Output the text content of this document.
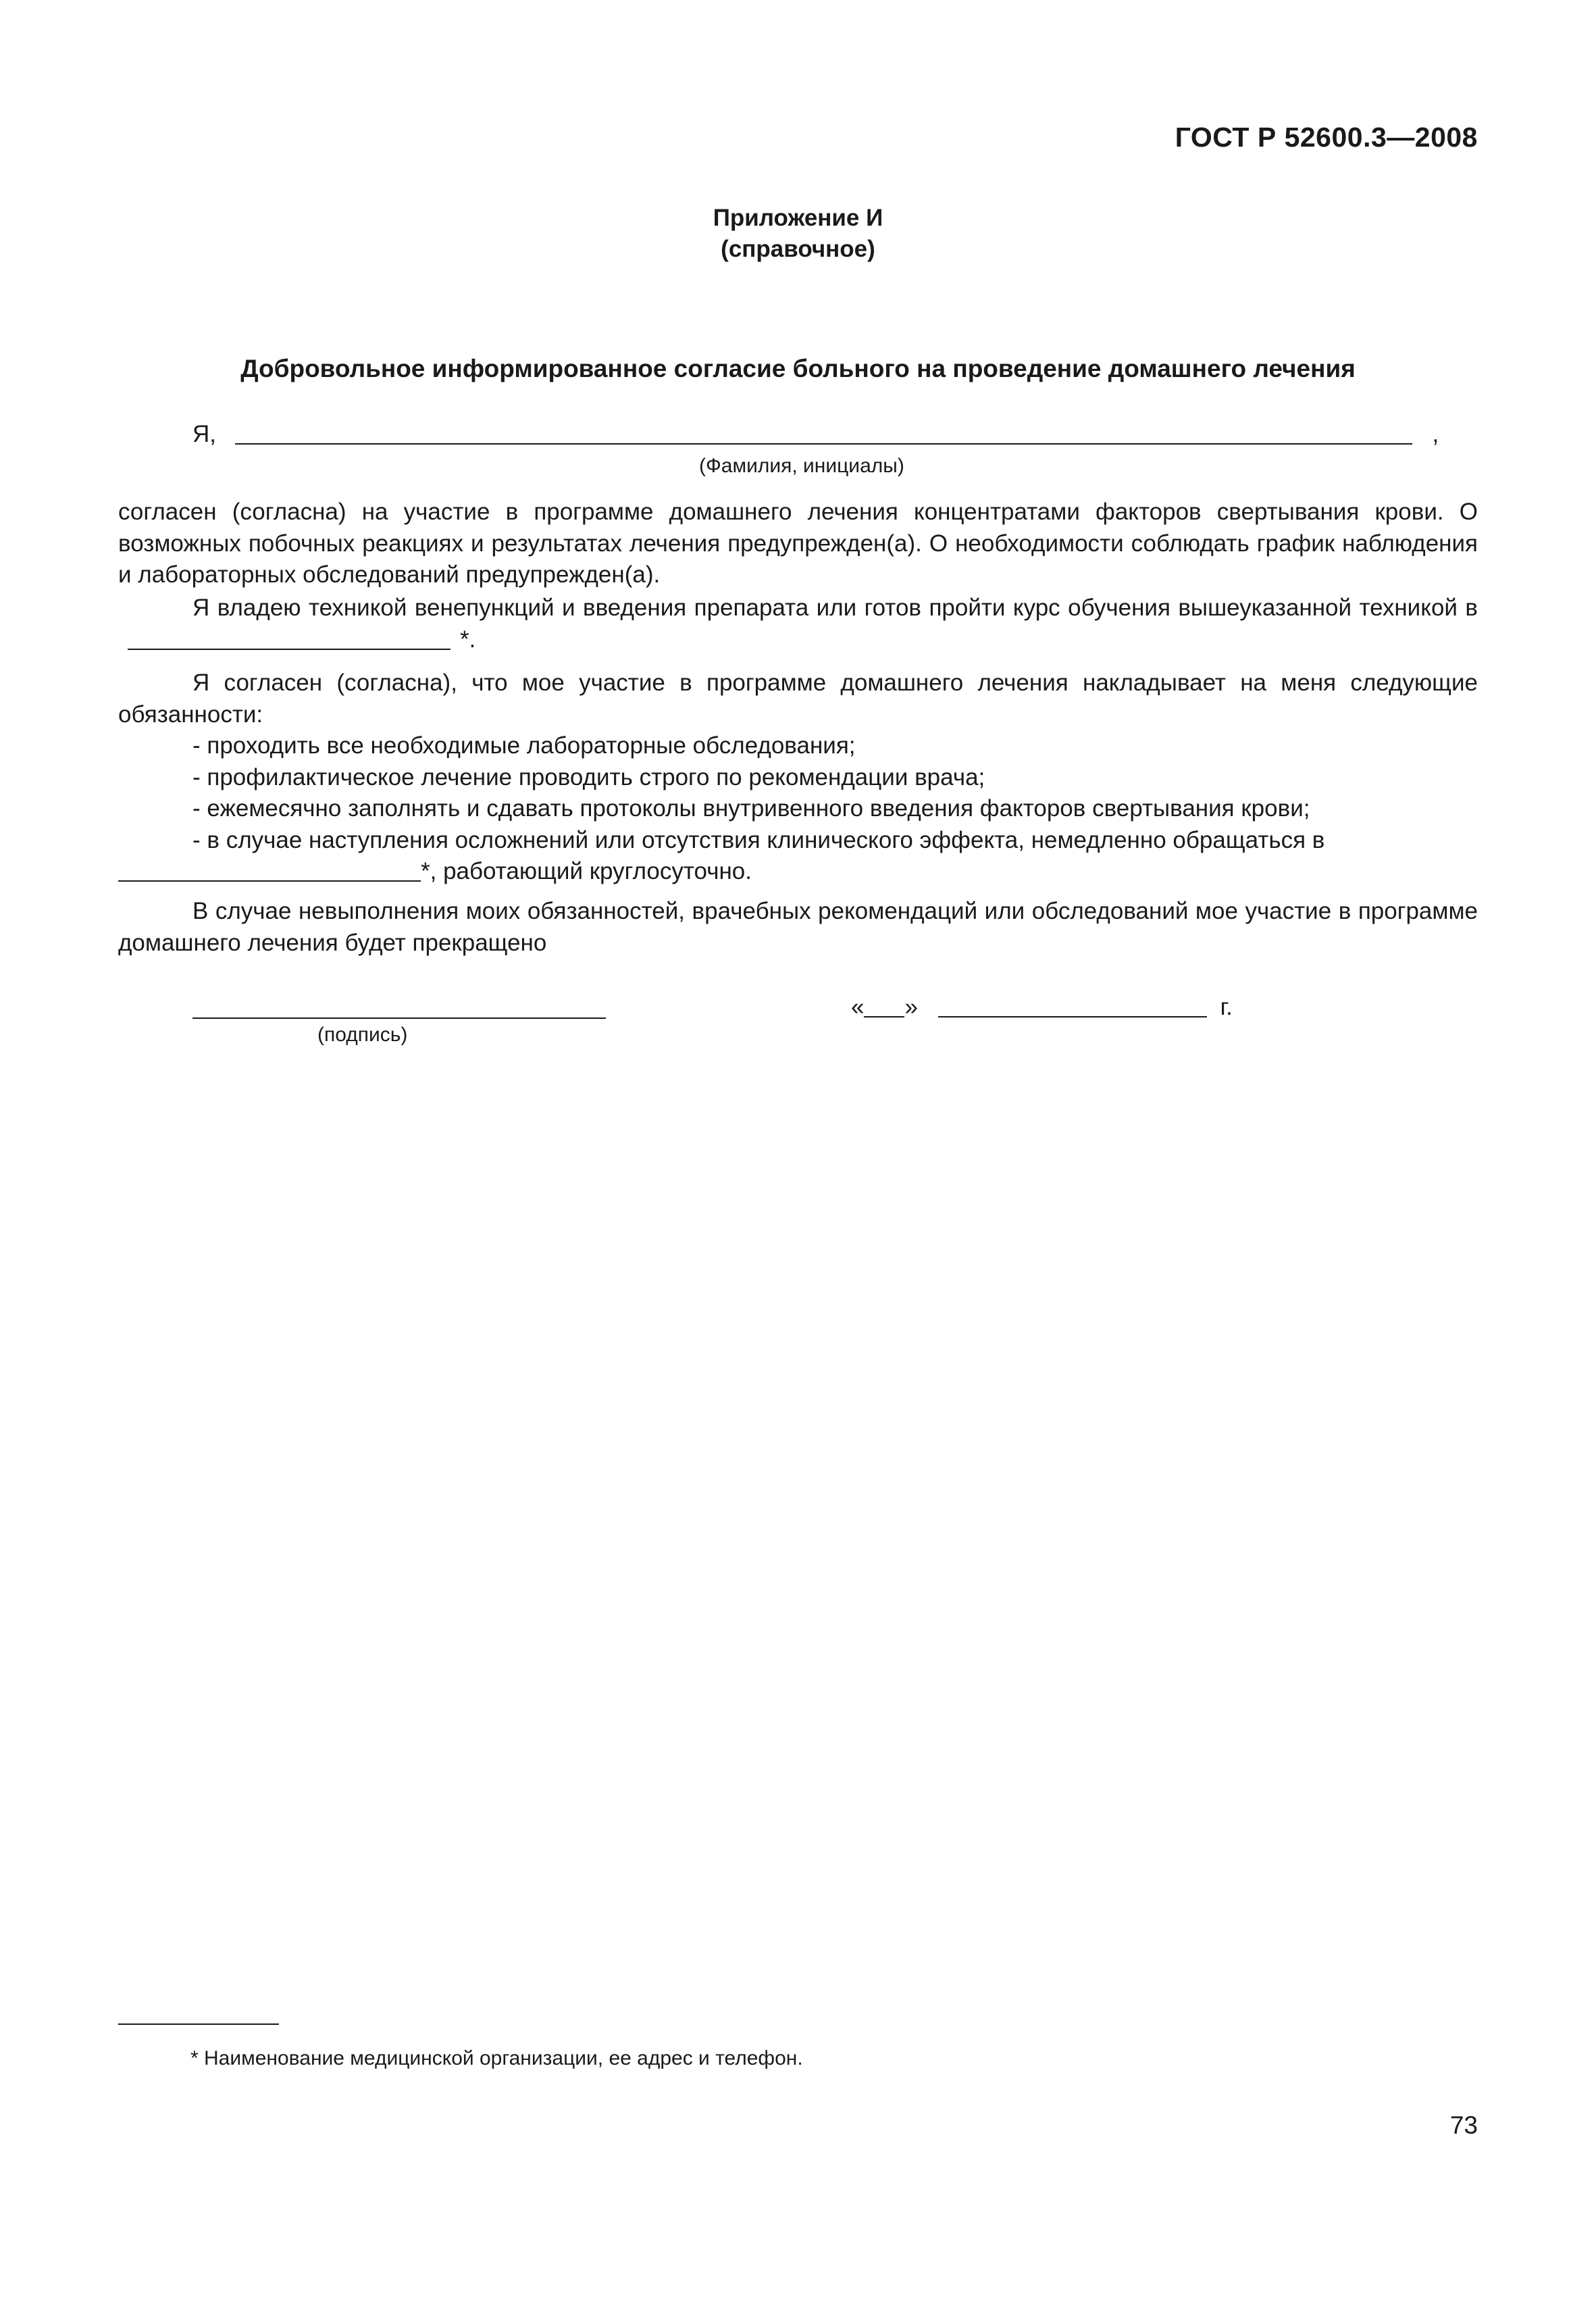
ГОСТ Р 52600.3—2008
Приложение И
(справочное)
Добровольное информированное согласие больного на проведение домашнего лечения
Я,	,
(Фамилия, инициалы)
согласен (согласна) на участие в программе домашнего лечения концентратами факторов свертывания крови. О возможных побочных реакциях и результатах лечения предупрежден(а). О необходимости соблюдать график наблюдения и лабораторных обследований предупрежден(а).
Я владею техникой венепункций и введения препарата или готов пройти курс обучения вышеуказанной техникой в *.
Я согласен (согласна), что мое участие в программе домашнего лечения накладывает на меня следующие обязанности:
- проходить все необходимые лабораторные обследования;
- профилактическое лечение проводить строго по рекомендации врача;
- ежемесячно заполнять и сдавать протоколы внутривенного введения факторов свертывания крови;
- в случае наступления осложнений или отсутствия клинического эффекта, немедленно обращаться в
*, работающий круглосуточно.
В случае невыполнения моих обязанностей, врачебных рекомендаций или обследований мое участие в программе домашнего лечения будет прекращено
« »	г.
(подпись)
* Наименование медицинской организации, ее адрес и телефон.
73
